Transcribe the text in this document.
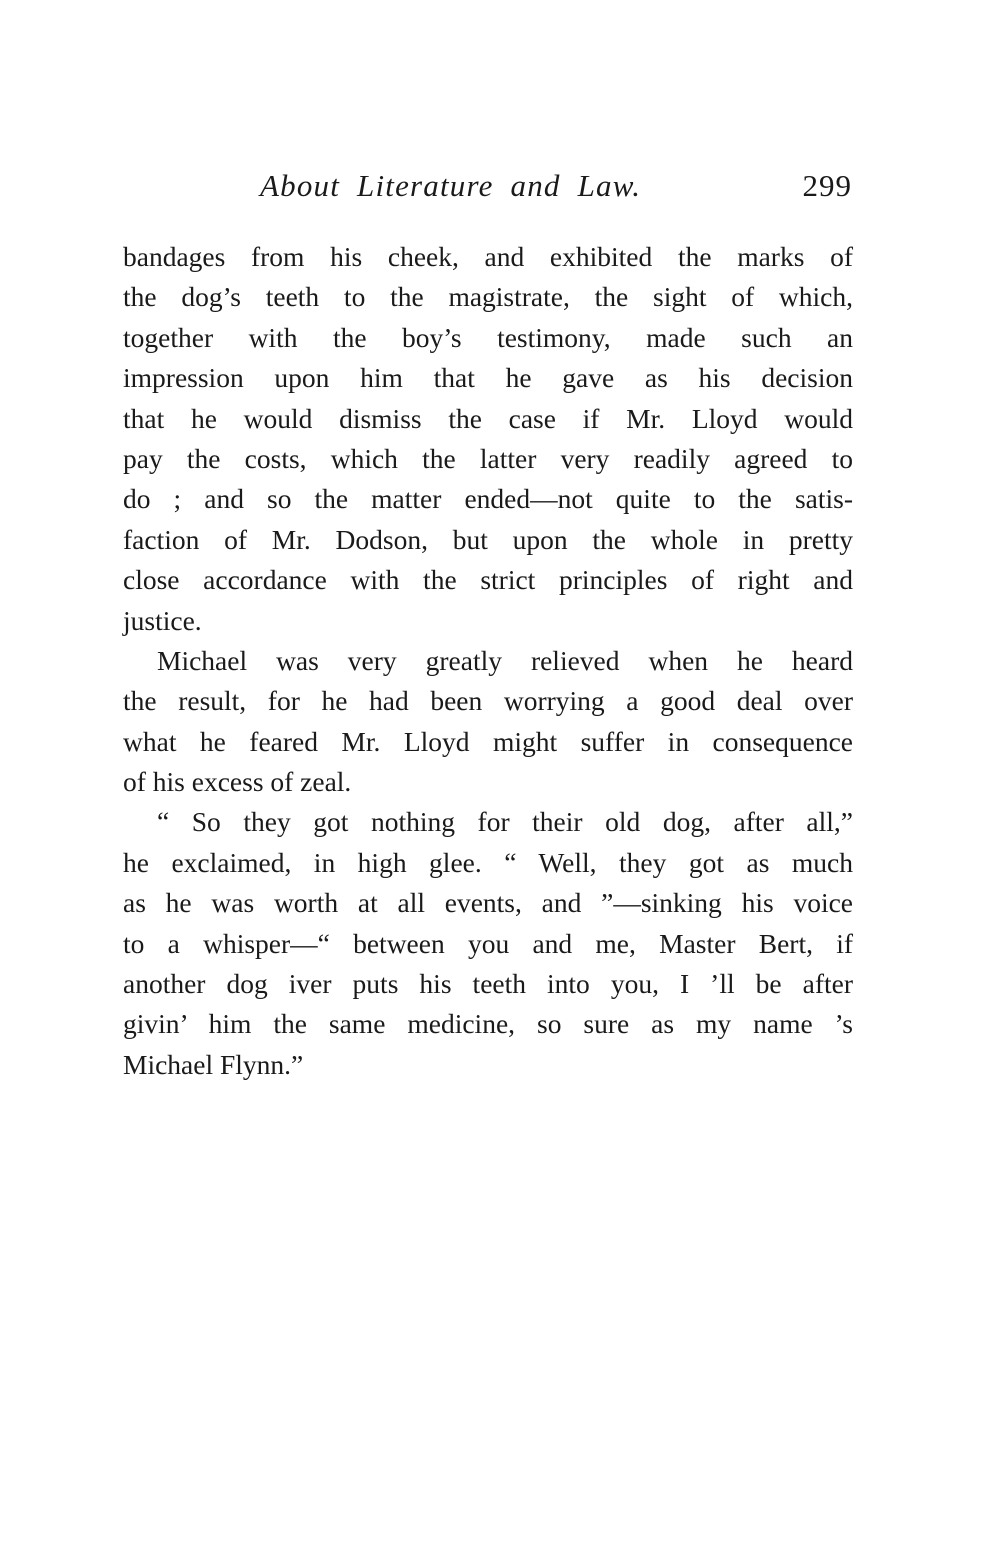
About Literature and Law.	299
bandages from his cheek, and exhibited the marks of
the dog’s teeth to the magistrate, the sight of which,
together with the boy’s testimony, made such an
impression upon him that he gave as his decision
that he would dismiss the case if Mr. Lloyd would
pay the costs, which the latter very readily agreed to
do ; and so the matter ended—not quite to the satis-
faction of Mr. Dodson, but upon the whole in pretty
close accordance with the strict principles of right and
justice.
Michael was very greatly relieved when he heard
the result, for he had been worrying a good deal over
what he feared Mr. Lloyd might suffer in consequence
of his excess of zeal.
“ So they got nothing for their old dog, after all,”
he exclaimed, in high glee. “ Well, they got as much
as he was worth at all events, and ”—sinking his voice
to a whisper—“ between you and me, Master Bert, if
another dog iver puts his teeth into you, I ’ll be after
givin’ him the same medicine, so sure as my name ’s
Michael Flynn.”
